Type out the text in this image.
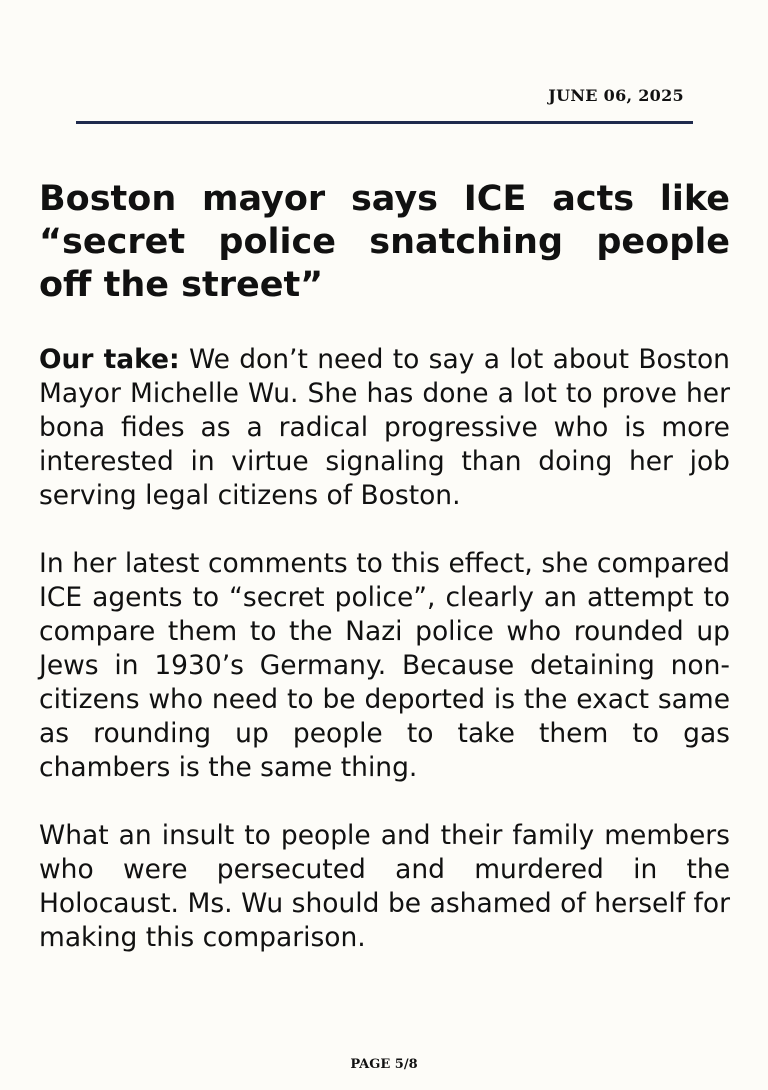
JUNE 06, 2025
Boston mayor says ICE acts like “secret police snatching people off the street”

Our take: We don’t need to say a lot about Boston Mayor Michelle Wu. She has done a lot to prove her bona fides as a radical progressive who is more interested in virtue signaling than doing her job serving legal citizens of Boston.

In her latest comments to this effect, she compared ICE agents to “secret police”, clearly an attempt to compare them to the Nazi police who rounded up Jews in 1930’s Germany. Because detaining non-citizens who need to be deported is the exact same as rounding up people to take them to gas chambers is the same thing.

What an insult to people and their family members who were persecuted and murdered in the Holocaust. Ms. Wu should be ashamed of herself for making this comparison.

PAGE 5/8
